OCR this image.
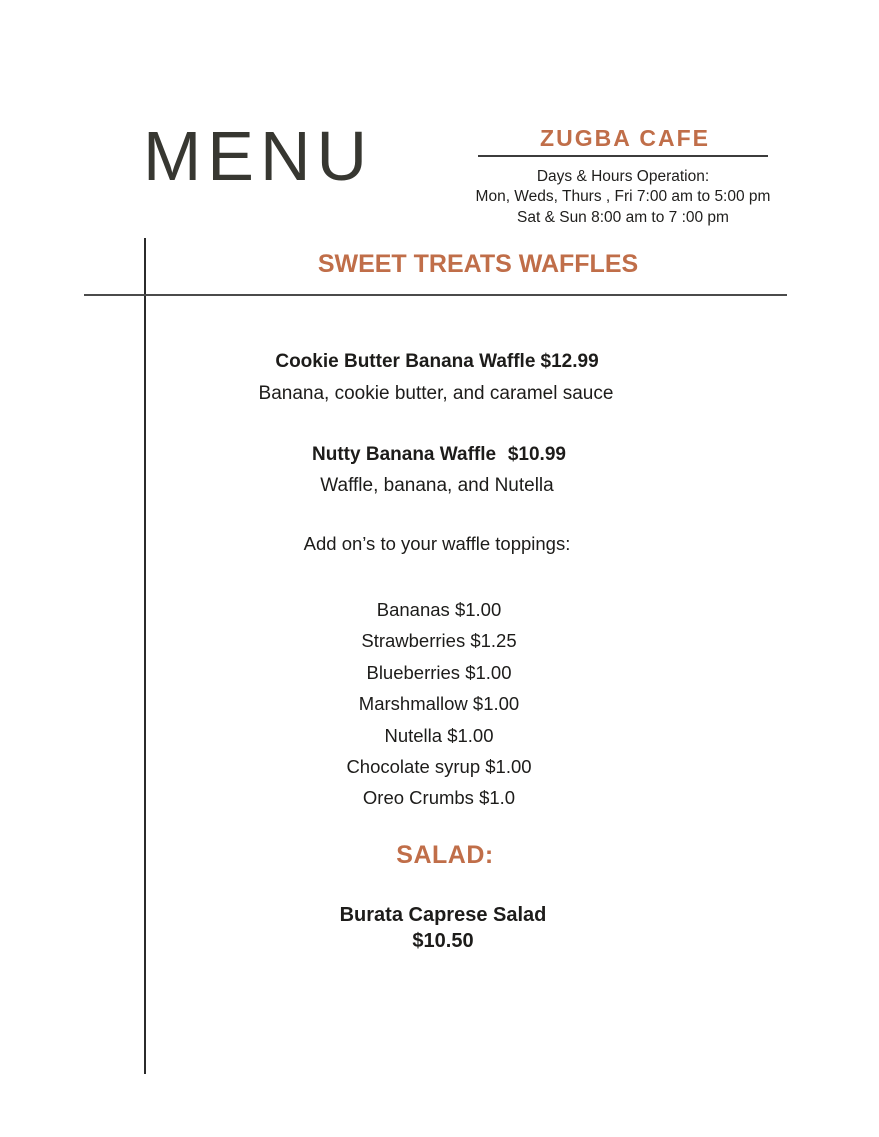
MENU	ZUGBA CAFE
Days & Hours Operation:
Mon, Weds, Thurs , Fri 7:00 am to 5:00 pm
Sat & Sun 8:00 am to 7 :00 pm
SWEET TREATS WAFFLES
Cookie Butter Banana Waffle $12.99
Banana, cookie butter, and caramel sauce
Nutty Banana Waffle $10.99
Waffle, banana, and Nutella
Add on’s to your waffle toppings:
Bananas $1.00
Strawberries $1.25
Blueberries $1.00
Marshmallow $1.00
Nutella $1.00
Chocolate syrup $1.00
Oreo Crumbs $1.0
SALAD:
Burata Caprese Salad
$10.50
